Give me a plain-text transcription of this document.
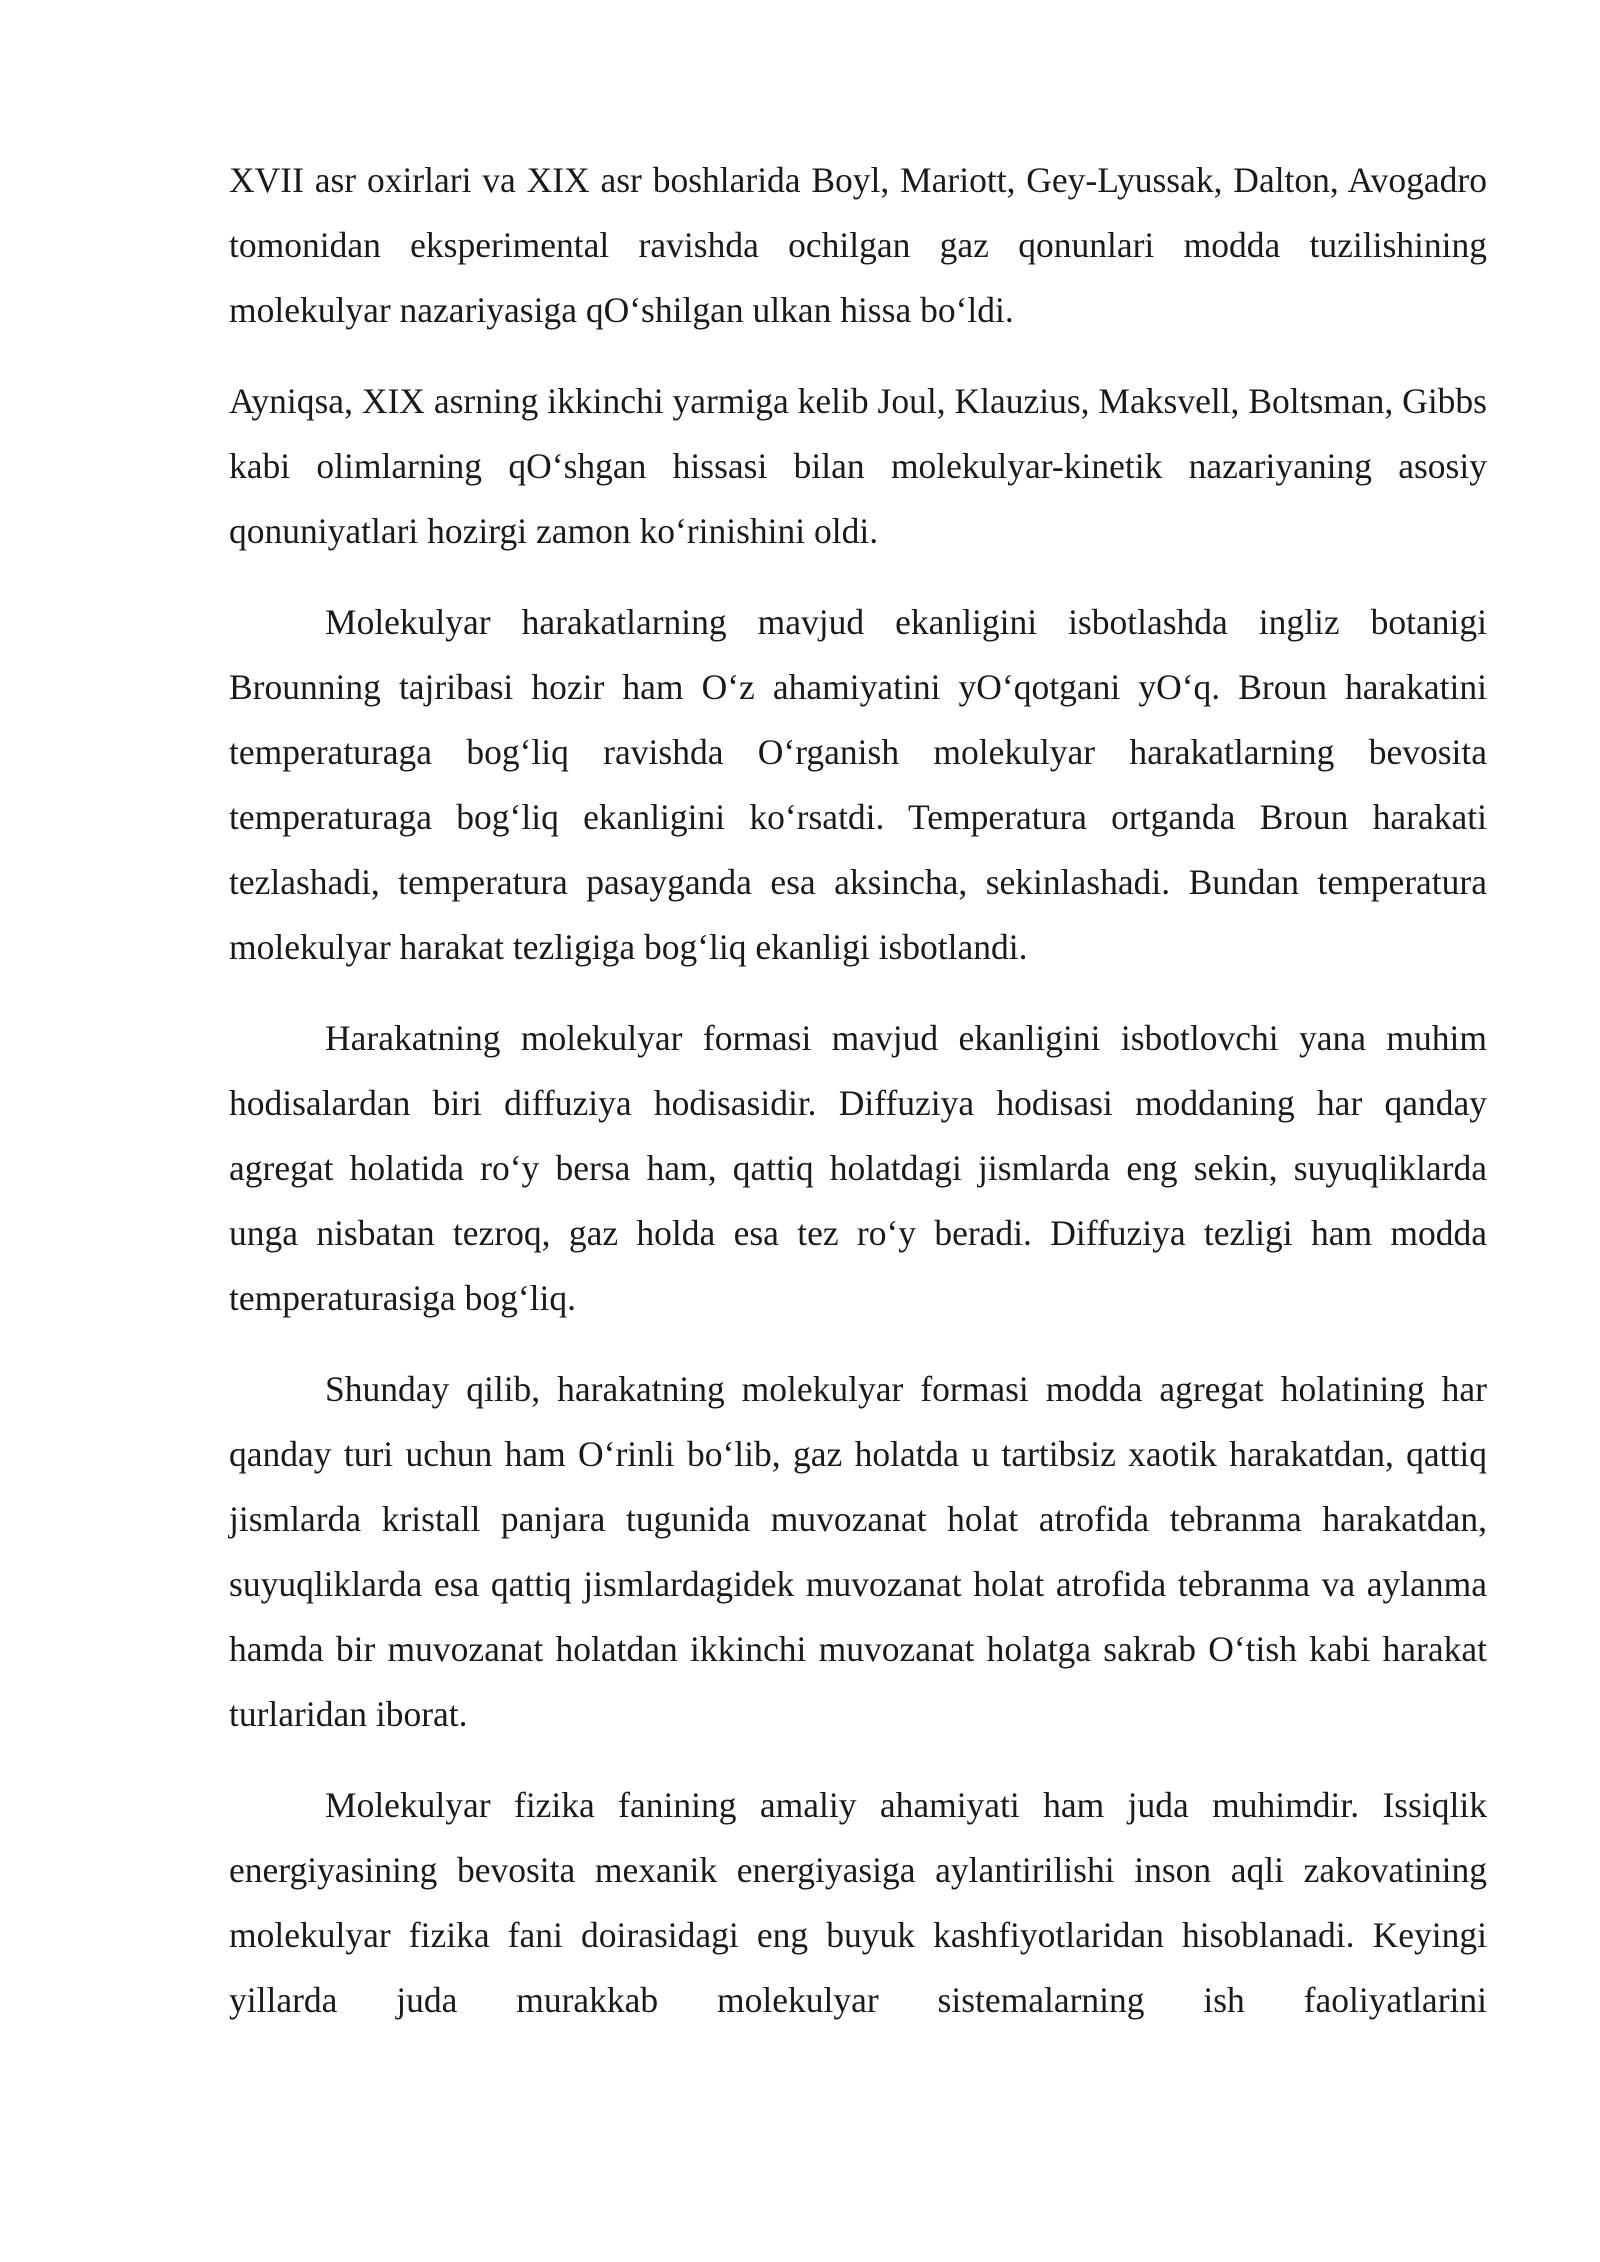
XVII asr oxirlari va XIX asr boshlarida Boyl, Mariott, Gey-Lyussak, Dalton, Avogadro tomonidan eksperimental ravishda ochilgan gaz qonunlari modda tuzilishining molekulyar nazariyasiga qO‘shilgan ulkan hissa bo‘ldi.

Ayniqsa, XIX asrning ikkinchi yarmiga kelib Joul, Klauzius, Maksvell, Boltsman, Gibbs kabi olimlarning qO‘shgan hissasi bilan molekulyar-kinetik nazariyaning asosiy qonuniyatlari hozirgi zamon ko‘rinishini oldi.

Molekulyar harakatlarning mavjud ekanligini isbotlashda ingliz botanigi Brounning tajribasi hozir ham O‘z ahamiyatini yO‘qotgani yO‘q. Broun harakatini temperaturaga bog‘liq ravishda O‘rganish molekulyar harakatlarning bevosita temperaturaga bog‘liq ekanligini ko‘rsatdi. Temperatura ortganda Broun harakati tezlashadi, temperatura pasayganda esa aksincha, sekinlashadi. Bundan temperatura molekulyar harakat tezligiga bog‘liq ekanligi isbotlandi.

Harakatning molekulyar formasi mavjud ekanligini isbotlovchi yana muhim hodisalardan biri diffuziya hodisasidir. Diffuziya hodisasi moddaning har qanday agregat holatida ro‘y bersa ham, qattiq holatdagi jismlarda eng sekin, suyuqliklarda unga nisbatan tezroq, gaz holda esa tez ro‘y beradi. Diffuziya tezligi ham modda temperaturasiga bog‘liq.

Shunday qilib, harakatning molekulyar formasi modda agregat holatining har qanday turi uchun ham O‘rinli bo‘lib, gaz holatda u tartibsiz xaotik harakatdan, qattiq jismlarda kristall panjara tugunida muvozanat holat atrofida tebranma harakatdan, suyuqliklarda esa qattiq jismlardagidek muvozanat holat atrofida tebranma va aylanma hamda bir muvozanat holatdan ikkinchi muvozanat holatga sakrab O‘tish kabi harakat turlaridan iborat.

Molekulyar fizika fanining amaliy ahamiyati ham juda muhimdir. Issiqlik energiyasining bevosita mexanik energiyasiga aylantirilishi inson aqli zakovatining molekulyar fizika fani doirasidagi eng buyuk kashfiyotlaridan hisoblanadi. Keyingi yillarda juda murakkab molekulyar sistemalarning ish faoliyatlarini
